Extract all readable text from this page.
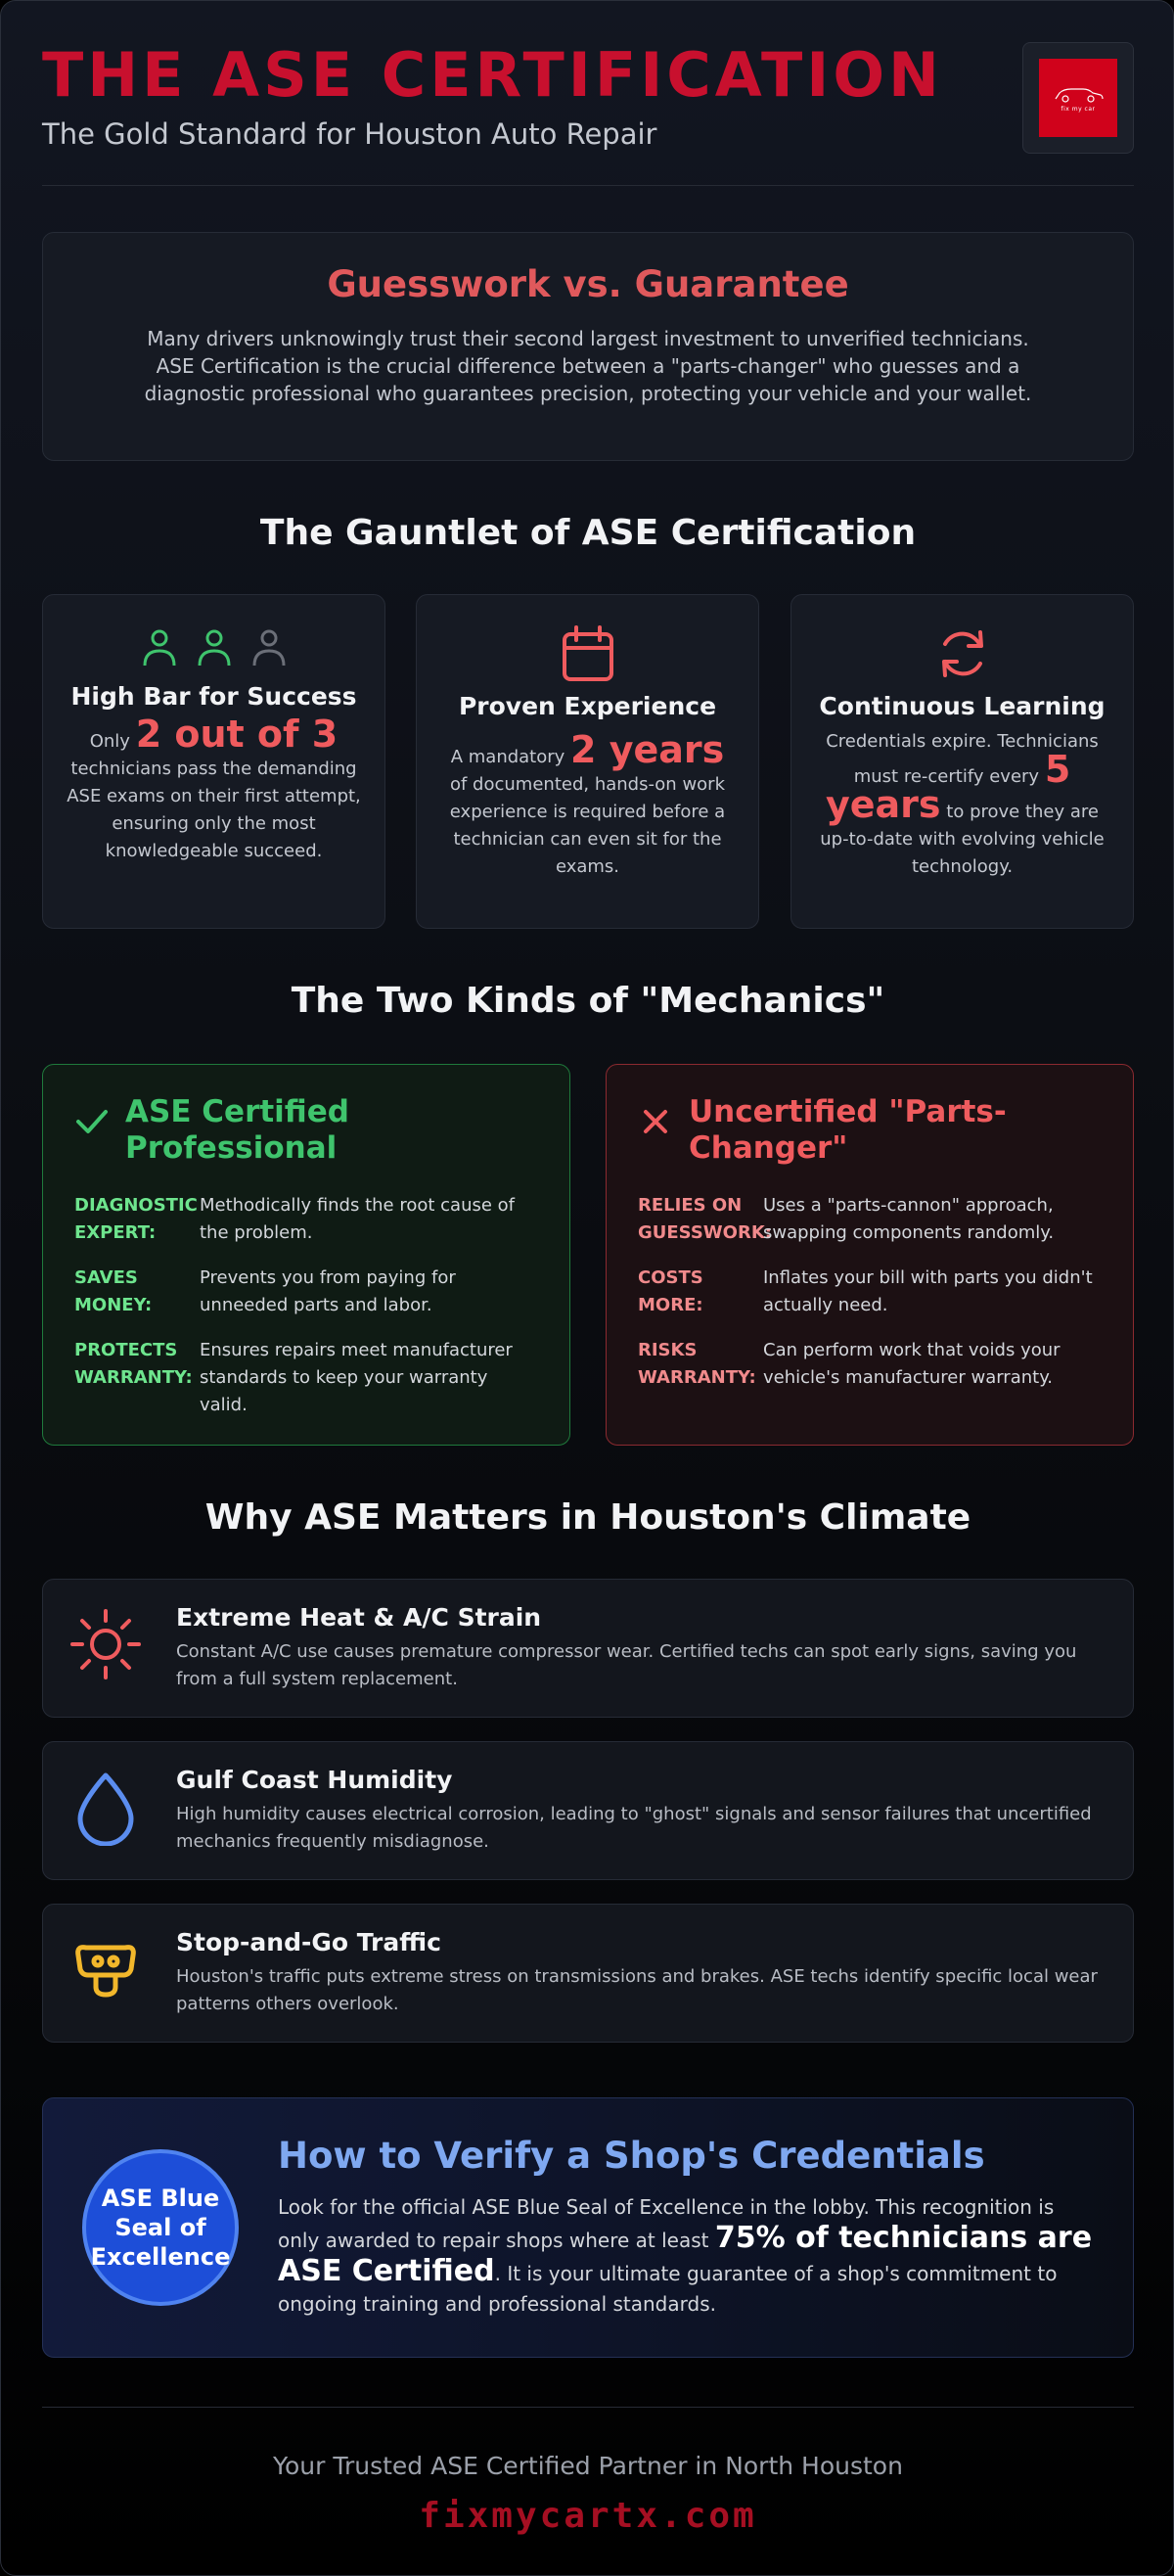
THE ASE CERTIFICATION
The Gold Standard for Houston Auto Repair
fix my car
Guesswork vs. Guarantee

Many drivers unknowingly trust their second largest investment to unverified technicians. ASE Certification is the crucial difference between a "parts-changer" who guesses and a diagnostic professional who guarantees precision, protecting your vehicle and your wallet.

The Gauntlet of ASE Certification
High Bar for Success
Only 2 out of 3 technicians pass the demanding ASE exams on their first attempt, ensuring only the most knowledgeable succeed.
Proven Experience
A mandatory 2 years of documented, hands-on work experience is required before a technician can even sit for the exams.
Continuous Learning
Credentials expire. Technicians must re-certify every 5 years to prove they are up-to-date with evolving vehicle technology.
The Two Kinds of "Mechanics"
ASE Certified Professional
DIAGNOSTIC EXPERT:
Methodically finds the root cause of the problem.
SAVES MONEY:
Prevents you from paying for unneeded parts and labor.
PROTECTS WARRANTY:
Ensures repairs meet manufacturer standards to keep your warranty valid.
Uncertified "Parts-Changer"
RELIES ON GUESSWORK:
Uses a "parts-cannon" approach, swapping components randomly.
COSTS MORE:
Inflates your bill with parts you didn't actually need.
RISKS WARRANTY:
Can perform work that voids your vehicle's manufacturer warranty.
Why ASE Matters in Houston's Climate
Extreme Heat & A/C Strain

Constant A/C use causes premature compressor wear. Certified techs can spot early signs, saving you from a full system replacement.

Gulf Coast Humidity

High humidity causes electrical corrosion, leading to "ghost" signals and sensor failures that uncertified mechanics frequently misdiagnose.

Stop-and-Go Traffic

Houston's traffic puts extreme stress on transmissions and brakes. ASE techs identify specific local wear patterns others overlook.

ASE Blue Seal of Excellence
How to Verify a Shop's Credentials

Look for the official ASE Blue Seal of Excellence in the lobby. This recognition is only awarded to repair shops where at least 75% of technicians are ASE Certified. It is your ultimate guarantee of a shop's commitment to ongoing training and professional standards.

Your Trusted ASE Certified Partner in North Houston
fixmycartx.com
